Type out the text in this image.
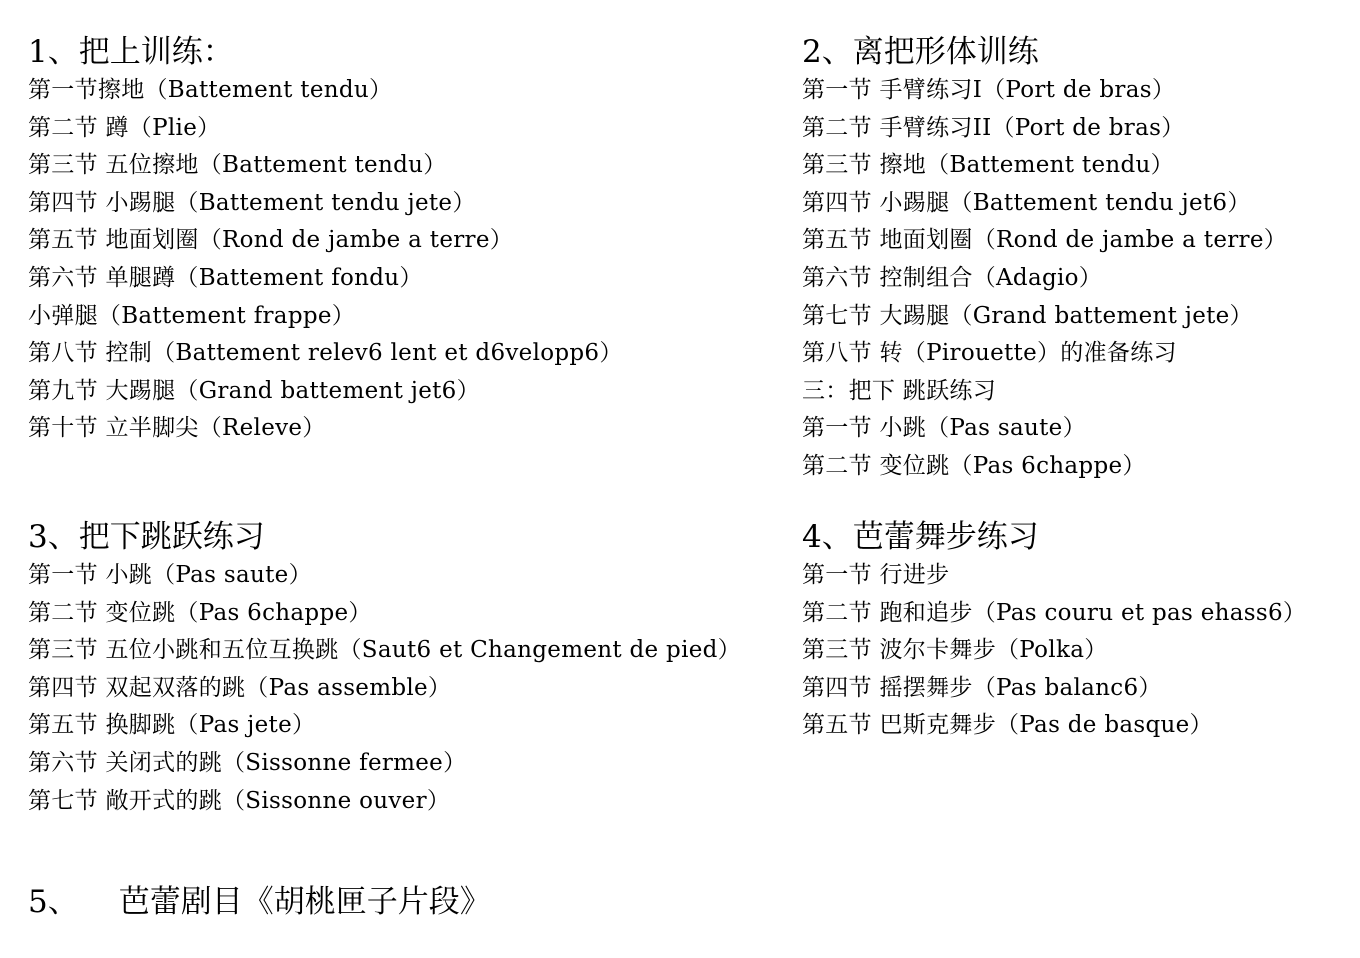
1、把上训练：
第一节擦地（Battement tendu）
第二节 蹲（Plie）
第三节 五位擦地（Battement tendu）
第四节 小踢腿（Battement tendu jete）
第五节 地面划圈（Rond de jambe a terre）
第六节 单腿蹲（Battement fondu）
小弹腿（Battement frappe）
第八节 控制（Battement relev6 lent et d6velopp6）
第九节 大踢腿（Grand battement jet6）
第十节 立半脚尖（Releve）
2、离把形体训练
第一节 手臂练习I（Port de bras）
第二节 手臂练习II（Port de bras）
第三节 擦地（Battement tendu）
第四节 小踢腿（Battement tendu jet6）
第五节 地面划圈（Rond de jambe a terre）
第六节 控制组合（Adagio）
第七节 大踢腿（Grand battement jete）
第八节 转（Pirouette）的准备练习
三：把下 跳跃练习
第一节 小跳（Pas saute）
第二节 变位跳（Pas 6chappe）
3、把下跳跃练习
第一节 小跳（Pas saute）
第二节 变位跳（Pas 6chappe）
第三节 五位小跳和五位互换跳（Saut6 et Changement de pied）
第四节 双起双落的跳（Pas assemble）
第五节 换脚跳（Pas jete）
第六节 关闭式的跳（Sissonne fermee）
第七节 敞开式的跳（Sissonne ouver）
4、芭蕾舞步练习
第一节 行进步
第二节 跑和追步（Pas couru et pas ehass6）
第三节 波尔卡舞步（Polka）
第四节 摇摆舞步（Pas balanc6）
第五节 巴斯克舞步（Pas de basque）
5、 芭蕾剧目《胡桃匣子片段》
